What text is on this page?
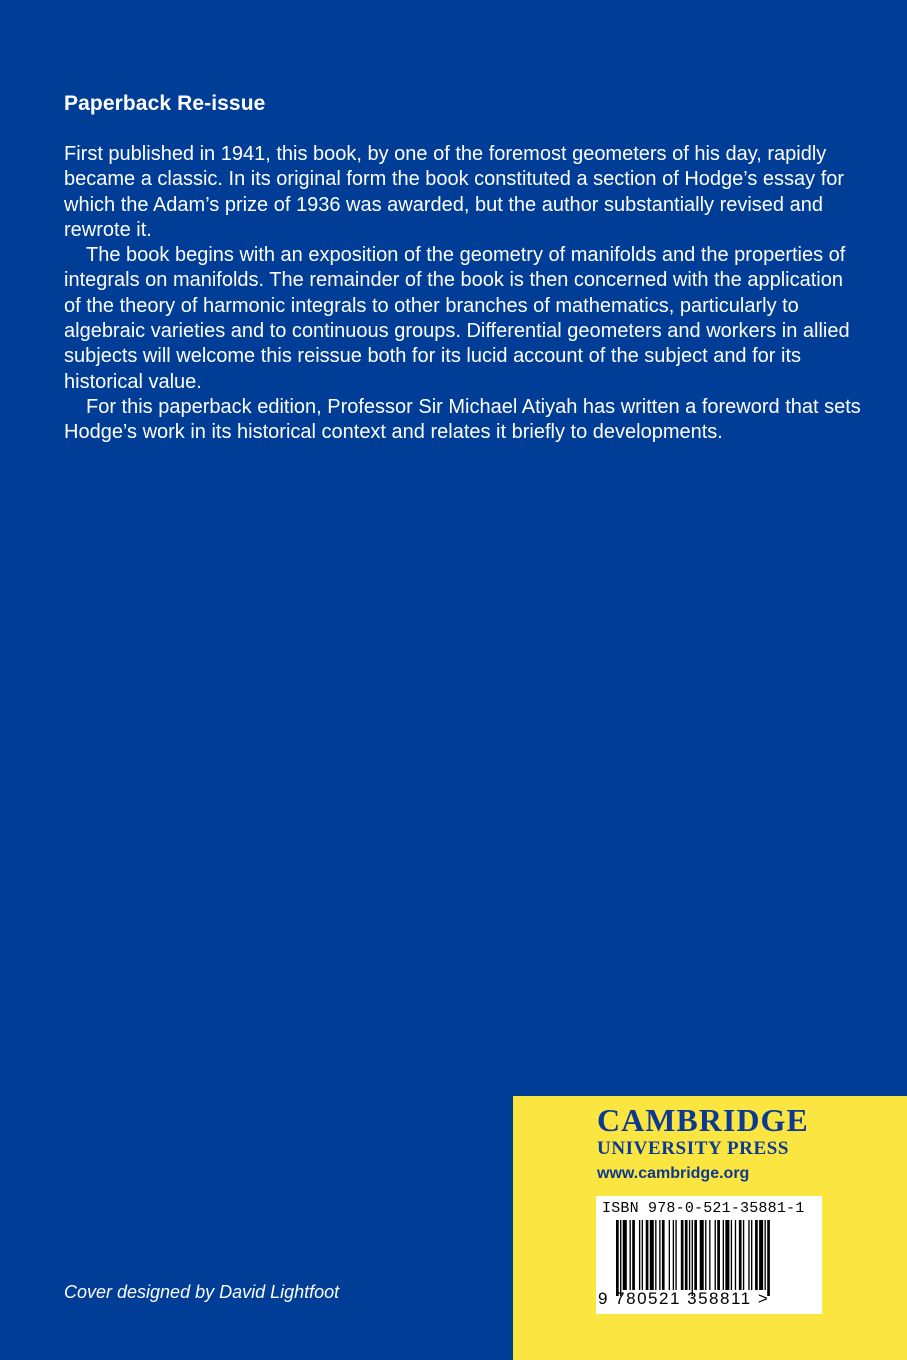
Paperback Re-issue

First published in 1941, this book, by one of the foremost geometers of his day, rapidly became a classic. In its original form the book constituted a section of Hodge’s essay for which the Adam’s prize of 1936 was awarded, but the author substantially revised and rewrote it.

The book begins with an exposition of the geometry of manifolds and the properties of integrals on manifolds. The remainder of the book is then concerned with the application of the theory of harmonic integrals to other branches of mathematics, particularly to algebraic varieties and to continuous groups. Differential geometers and workers in allied subjects will welcome this reissue both for its lucid account of the subject and for its historical value.

For this paperback edition, Professor Sir Michael Atiyah has written a foreword that sets Hodge’s work in its historical context and relates it briefly to developments.

Cover designed by David Lightfoot
CAMBRIDGE
UNIVERSITY PRESS
www.cambridge.org
ISBN 978-0-521-35881-1
9 780521 358811 >
